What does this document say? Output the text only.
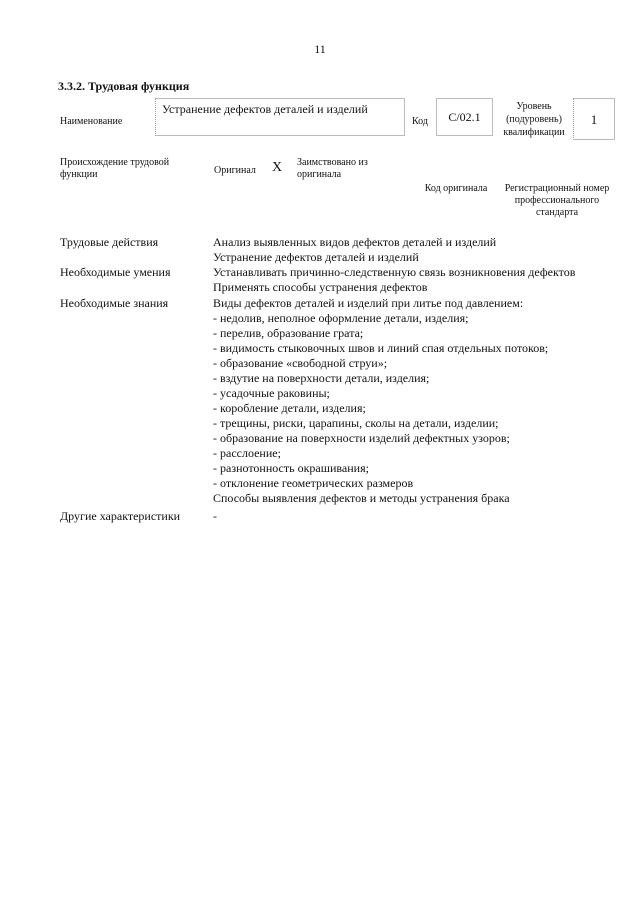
11
3.3.2. Трудовая функция
Наименование
Устранение дефектов деталей и изделий
Код	C/02.1
Уровень (подуровень) квалификации
1
Происхождение трудовой функции	Оригинал X Заимствовано из оригинала
Код оригинала	Регистрационный номер профессионального стандарта
Трудовые действия	Анализ выявленных видов дефектов деталей и изделий
Устранение дефектов деталей и изделий
Необходимые умения	Устанавливать причинно-следственную связь возникновения дефектов
Применять способы устранения дефектов
Необходимые знания	Виды дефектов деталей и изделий при литье под давлением:
- недолив, неполное оформление детали, изделия;
- перелив, образование грата;
- видимость стыковочных швов и линий спая отдельных потоков;
- образование «свободной струи»;
- вздутие на поверхности детали, изделия;
- усадочные раковины;
- коробление детали, изделия;
- трещины, риски, царапины, сколы на детали, изделии;
- образование на поверхности изделий дефектных узоров;
- расслоение;
- разнотонность окрашивания;
- отклонение геометрических размеров
Способы выявления дефектов и методы устранения брака
Другие характеристики	-
